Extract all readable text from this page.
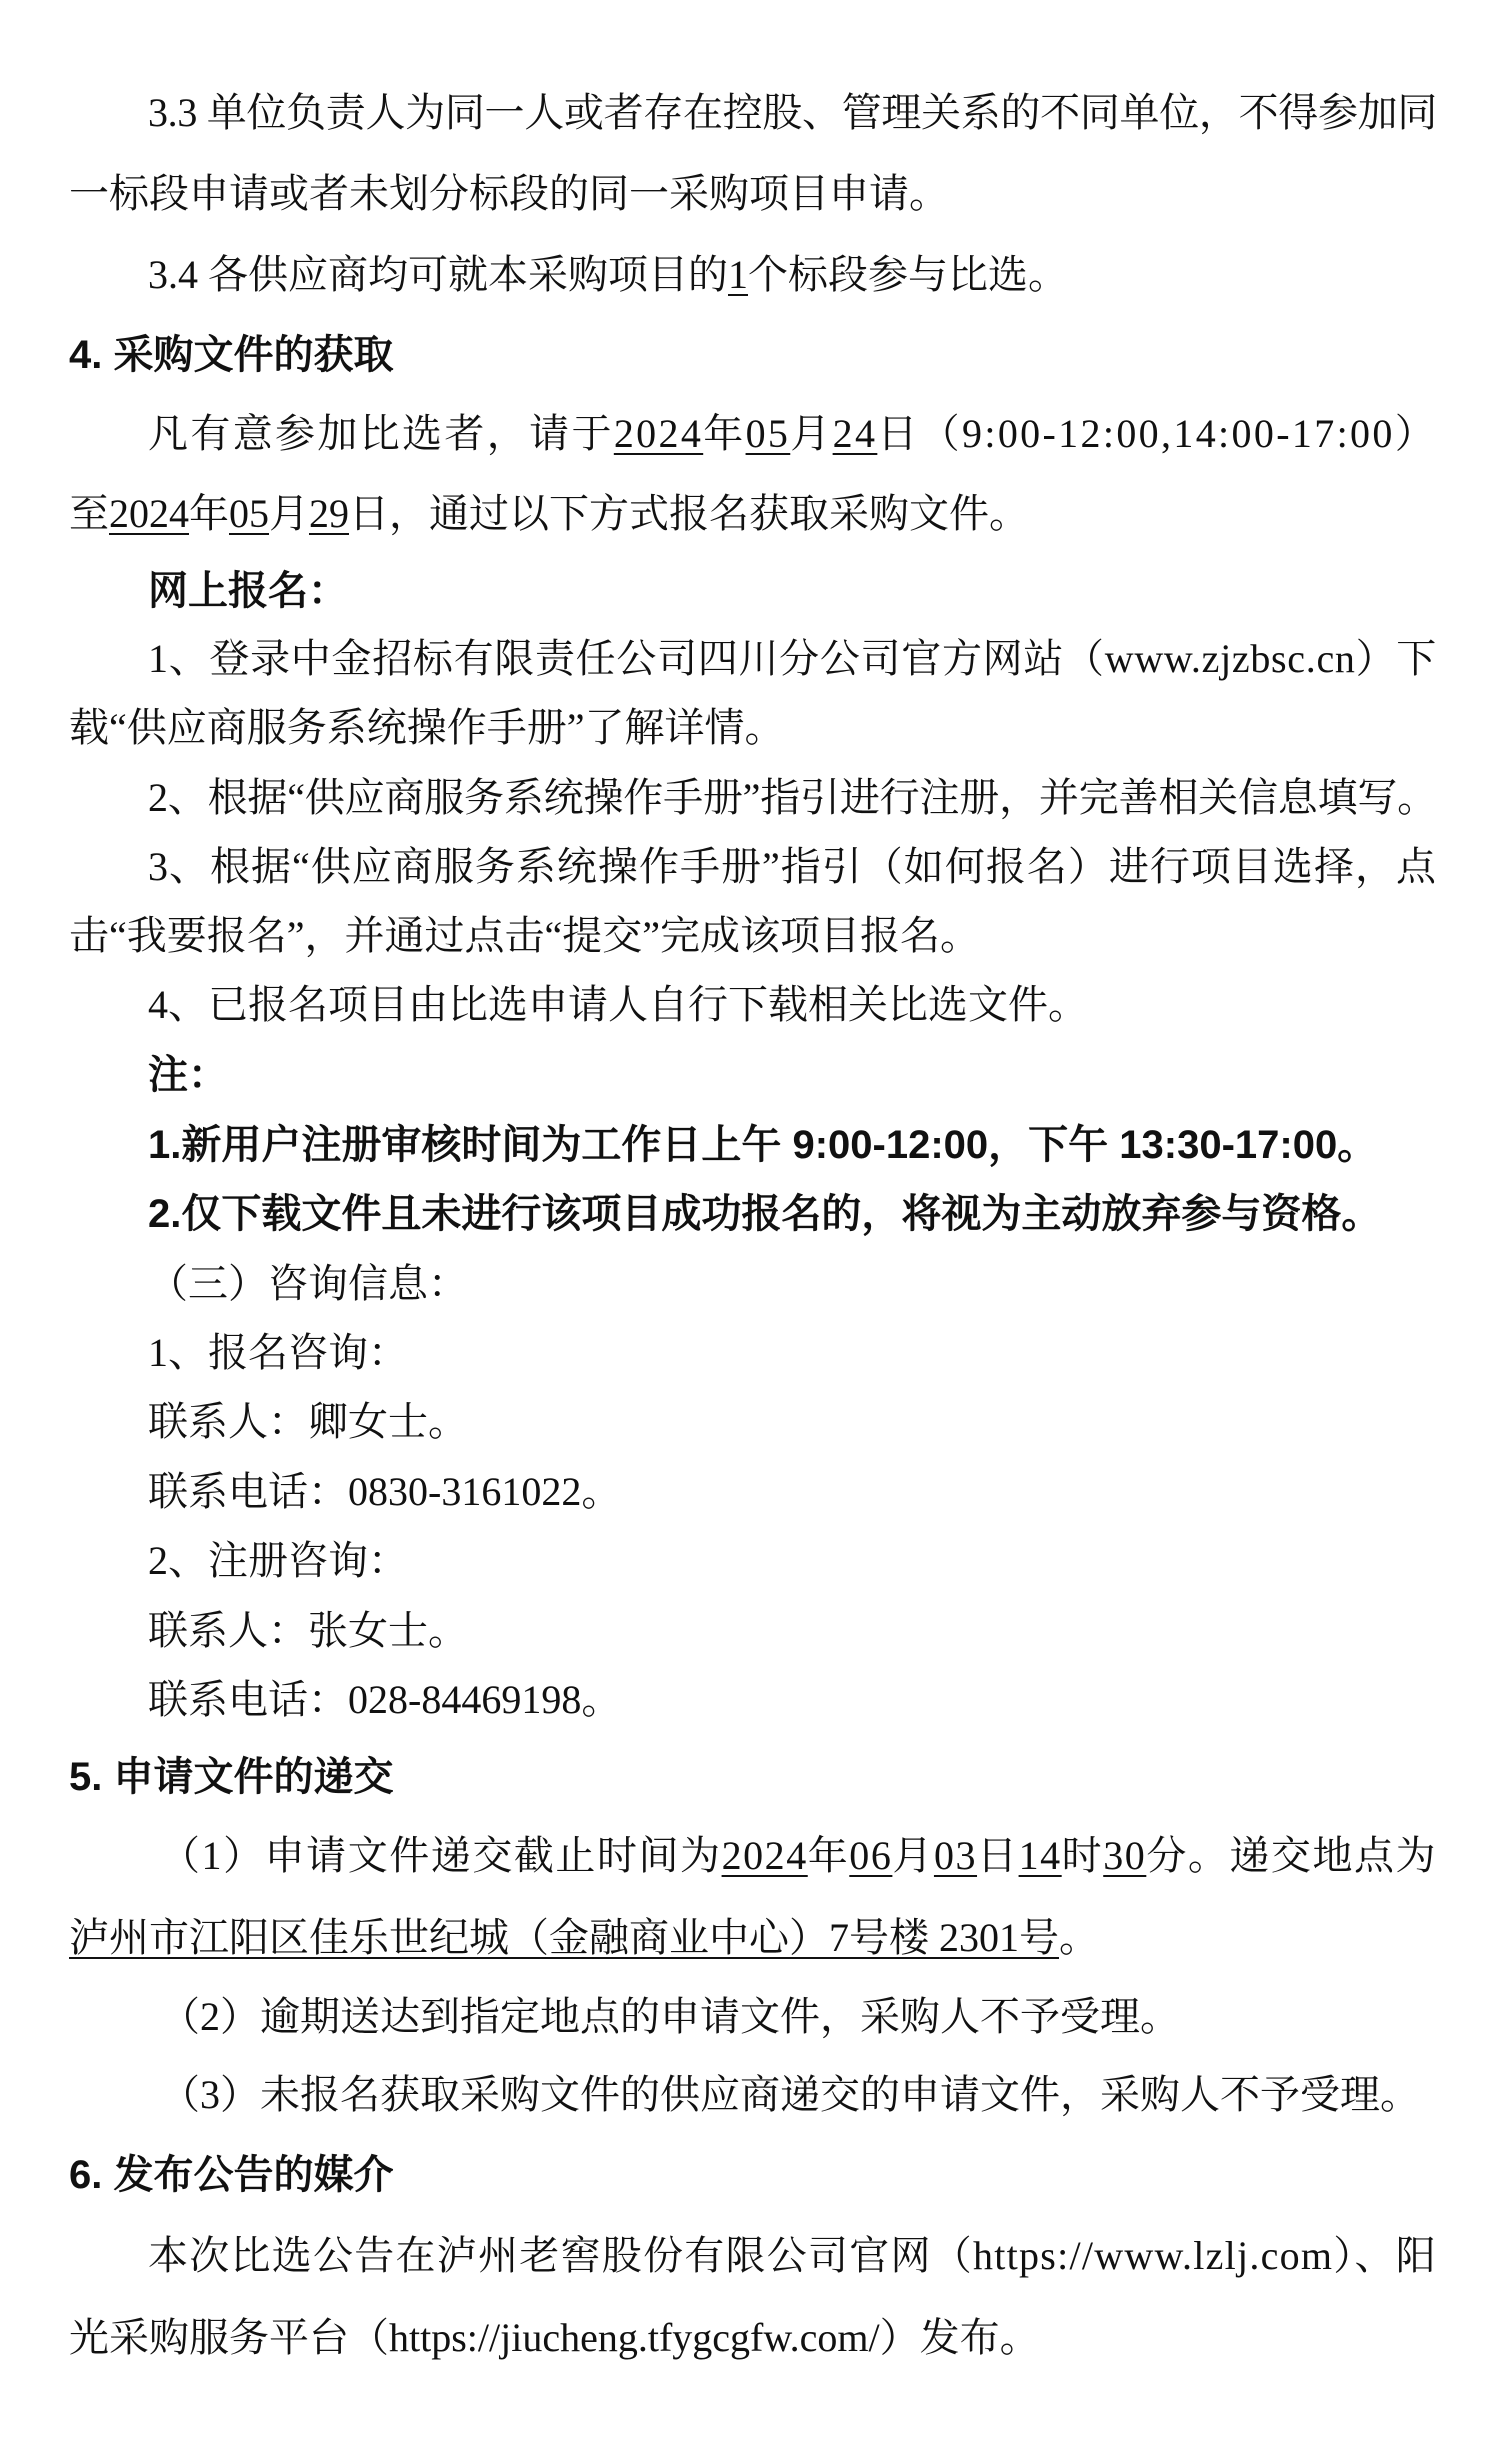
3.3 单位负责人为同一人或者存在控股、管理关系的不同单位，不得参加同
一标段申请或者未划分标段的同一采购项目申请。
3.4 各供应商均可就本采购项目的1个标段参与比选。
4. 采购文件的获取
凡有意参加比选者，请于2024年05月24日（9:00-12:00,14:00-17:00）
至2024年05月29日，通过以下方式报名获取采购文件。
网上报名：
1、登录中金招标有限责任公司四川分公司官方网站（www.zjzbsc.cn）下
载“供应商服务系统操作手册”了解详情。
2、根据“供应商服务系统操作手册”指引进行注册，并完善相关信息填写。
3、根据“供应商服务系统操作手册”指引（如何报名）进行项目选择，点
击“我要报名”，并通过点击“提交”完成该项目报名。
4、已报名项目由比选申请人自行下载相关比选文件。
注：
1.新用户注册审核时间为工作日上午 9:00-12:00，下午 13:30-17:00。
2.仅下载文件且未进行该项目成功报名的，将视为主动放弃参与资格。
（三）咨询信息：
1、报名咨询：
联系人：卿女士。
联系电话：0830-3161022。
2、注册咨询：
联系人：张女士。
联系电话：028-84469198。
5. 申请文件的递交
（1）申请文件递交截止时间为2024年06月03日14时30分。递交地点为
泸州市江阳区佳乐世纪城（金融商业中心）7号楼 2301号。
（2）逾期送达到指定地点的申请文件，采购人不予受理。
（3）未报名获取采购文件的供应商递交的申请文件，采购人不予受理。
6. 发布公告的媒介
本次比选公告在泸州老窖股份有限公司官网（https://www.lzlj.com）、阳
光采购服务平台（https://jiucheng.tfygcgfw.com/）发布。
